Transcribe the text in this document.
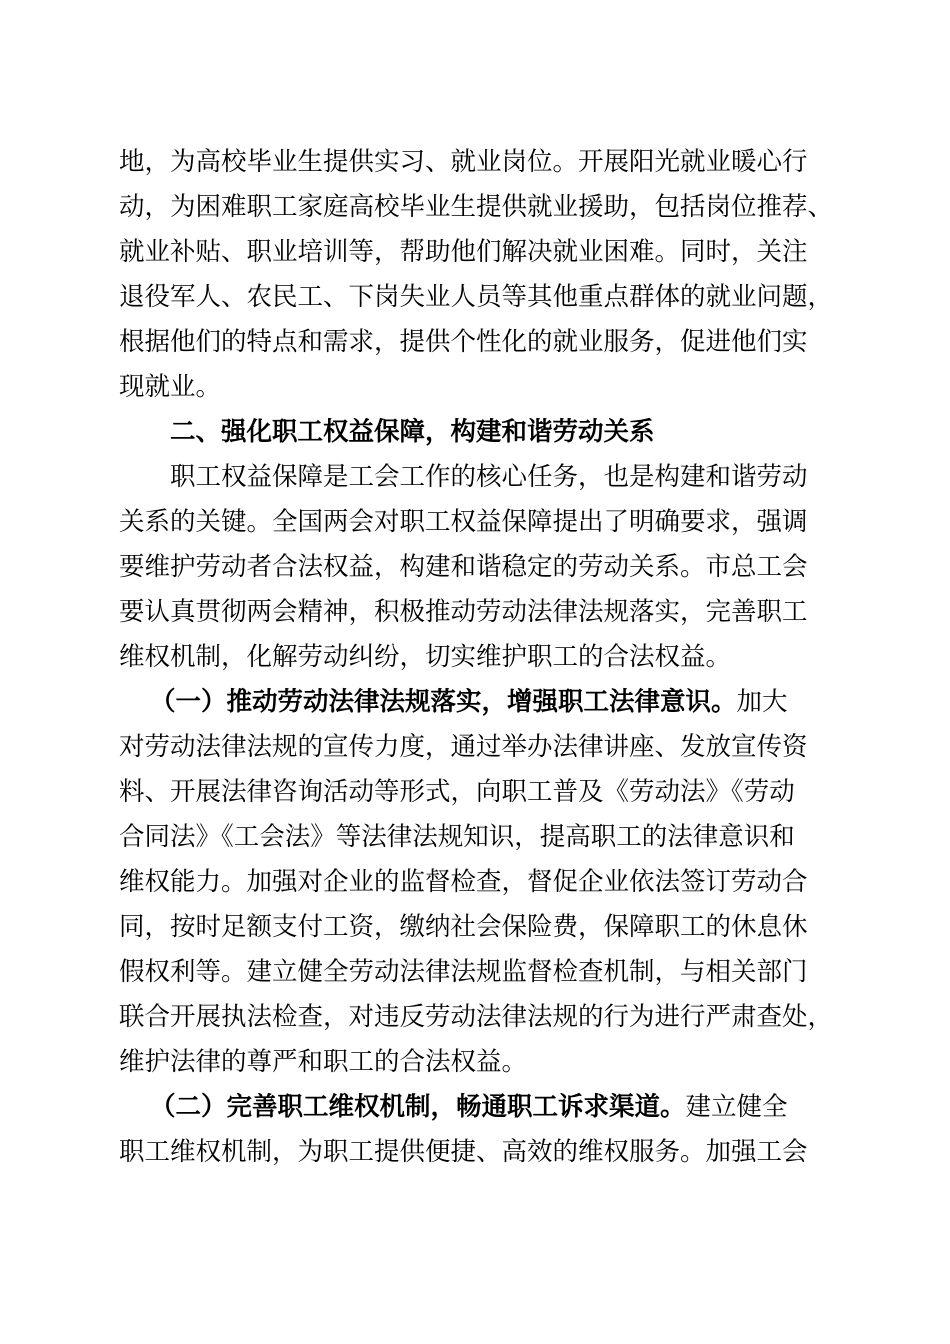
地，为高校毕业生提供实习、就业岗位。开展阳光就业暖心行

动，为困难职工家庭高校毕业生提供就业援助，包括岗位推荐、

就业补贴、职业培训等，帮助他们解决就业困难。同时，关注

退役军人、农民工、下岗失业人员等其他重点群体的就业问题，

根据他们的特点和需求，提供个性化的就业服务，促进他们实

现就业。

二、强化职工权益保障，构建和谐劳动关系

职工权益保障是工会工作的核心任务，也是构建和谐劳动

关系的关键。全国两会对职工权益保障提出了明确要求，强调

要维护劳动者合法权益，构建和谐稳定的劳动关系。市总工会

要认真贯彻两会精神，积极推动劳动法律法规落实，完善职工

维权机制，化解劳动纠纷，切实维护职工的合法权益。

（一）推动劳动法律法规落实，增强职工法律意识。加大

对劳动法律法规的宣传力度，通过举办法律讲座、发放宣传资

料、开展法律咨询活动等形式，向职工普及《劳动法》《劳动

合同法》《工会法》等法律法规知识，提高职工的法律意识和

维权能力。加强对企业的监督检查，督促企业依法签订劳动合

同，按时足额支付工资，缴纳社会保险费，保障职工的休息休

假权利等。建立健全劳动法律法规监督检查机制，与相关部门

联合开展执法检查，对违反劳动法律法规的行为进行严肃查处，

维护法律的尊严和职工的合法权益。

（二）完善职工维权机制，畅通职工诉求渠道。建立健全

职工维权机制，为职工提供便捷、高效的维权服务。加强工会
